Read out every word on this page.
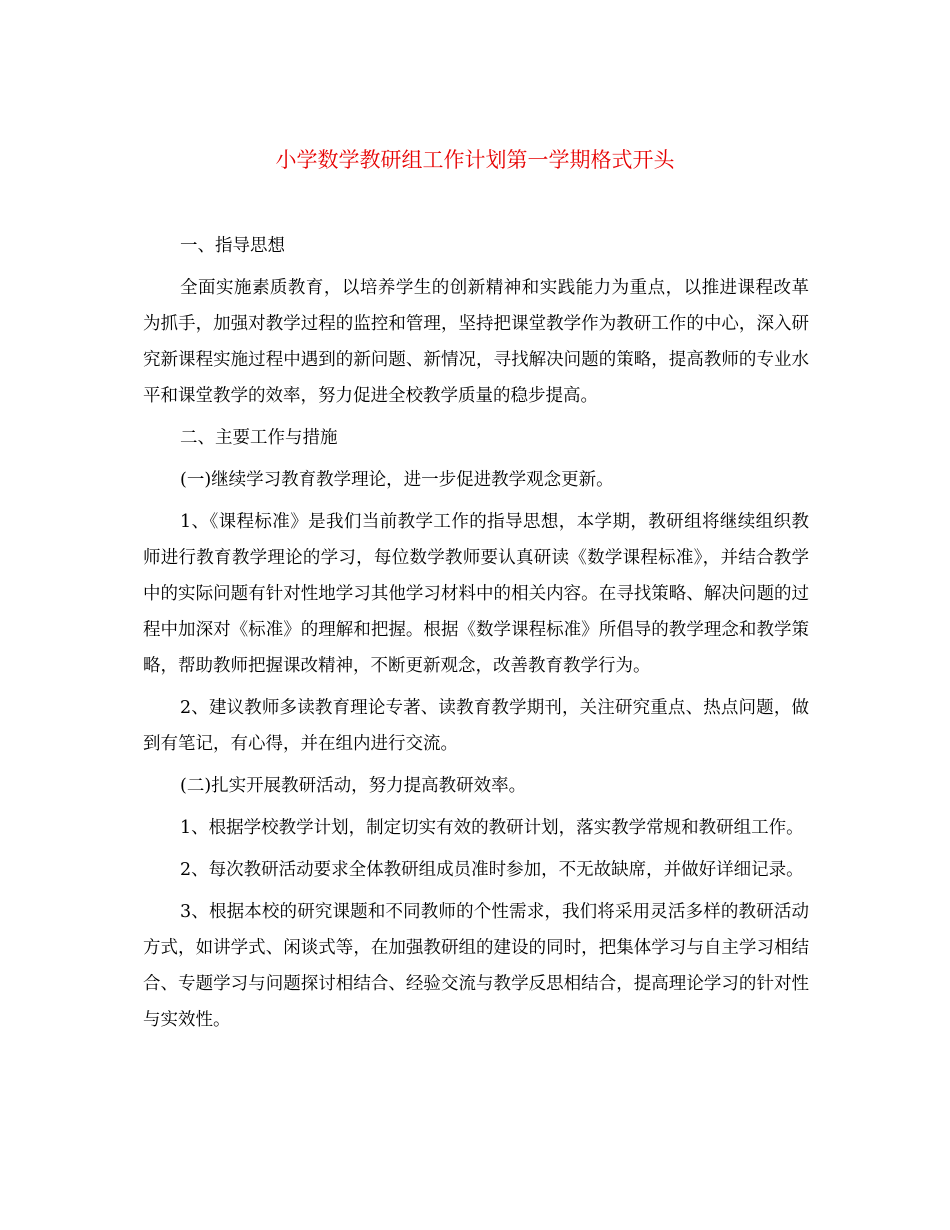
小学数学教研组工作计划第一学期格式开头

一、指导思想

全面实施素质教育，以培养学生的创新精神和实践能力为重点，以推进课程改革为抓手，加强对教学过程的监控和管理，坚持把课堂教学作为教研工作的中心，深入研究新课程实施过程中遇到的新问题、新情况，寻找解决问题的策略，提高教师的专业水平和课堂教学的效率，努力促进全校教学质量的稳步提高。

二、主要工作与措施

(一)继续学习教育教学理论，进一步促进教学观念更新。

1、《课程标准》是我们当前教学工作的指导思想，本学期，教研组将继续组织教师进行教育教学理论的学习，每位数学教师要认真研读《数学课程标准》，并结合教学中的实际问题有针对性地学习其他学习材料中的相关内容。在寻找策略、解决问题的过程中加深对《标准》的理解和把握。根据《数学课程标准》所倡导的教学理念和教学策略，帮助教师把握课改精神，不断更新观念，改善教育教学行为。

2、建议教师多读教育理论专著、读教育教学期刊，关注研究重点、热点问题，做到有笔记，有心得，并在组内进行交流。

(二)扎实开展教研活动，努力提高教研效率。

1、根据学校教学计划，制定切实有效的教研计划，落实教学常规和教研组工作。

2、每次教研活动要求全体教研组成员准时参加，不无故缺席，并做好详细记录。

3、根据本校的研究课题和不同教师的个性需求，我们将采用灵活多样的教研活动方式，如讲学式、闲谈式等，在加强教研组的建设的同时，把集体学习与自主学习相结合、专题学习与问题探讨相结合、经验交流与教学反思相结合，提高理论学习的针对性与实效性。
